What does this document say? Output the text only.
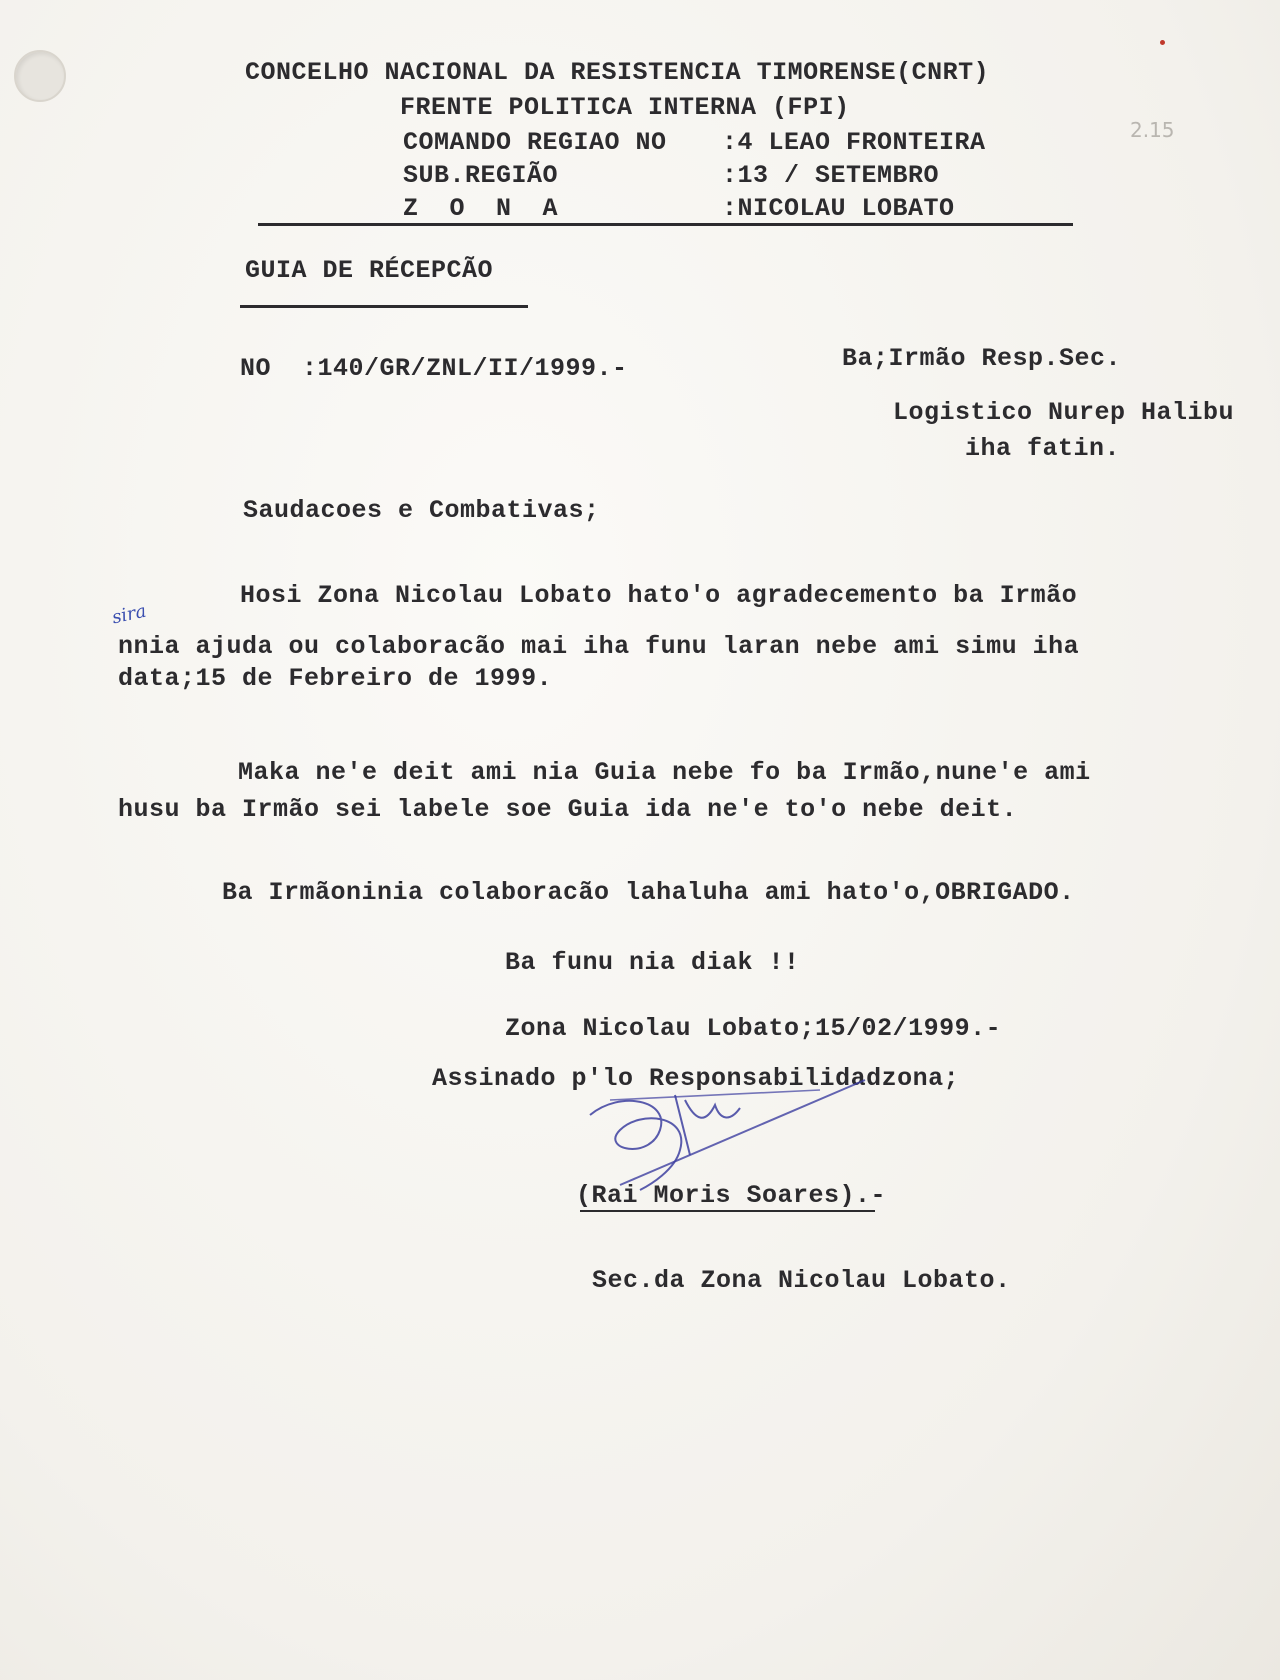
CONCELHO NACIONAL DA RESISTENCIA TIMORENSE(CNRT)
FRENTE POLITICA INTERNA (FPI)
COMANDO REGIAO NO :4 LEAO FRONTEIRA
SUB.REGIÃO	:13 / SETEMBRO
Z  O  N  A	:NICOLAU LOBATO
2.15
GUIA DE RÉCEPCÃO
NO  :140/GR/ZNL/II/1999.-	Ba;Irmão Resp.Sec.
Logistico Nurep Halibu
iha fatin.
Saudacoes e Combativas;
Hosi Zona Nicolau Lobato hato'o agradecemento ba Irmão
sira
nnia ajuda ou colaboracão mai iha funu laran nebe ami simu iha
data;15 de Febreiro de 1999.
Maka ne'e deit ami nia Guia nebe fo ba Irmão,nune'e ami
husu ba Irmão sei labele soe Guia ida ne'e to'o nebe deit.
Ba Irmãoninia colaboracão lahaluha ami hato'o,OBRIGADO.
Ba funu nia diak !!
Zona Nicolau Lobato;15/02/1999.-
Assinado p'lo Responsabilidadzona;
(Rai Moris Soares).-
Sec.da Zona Nicolau Lobato.
